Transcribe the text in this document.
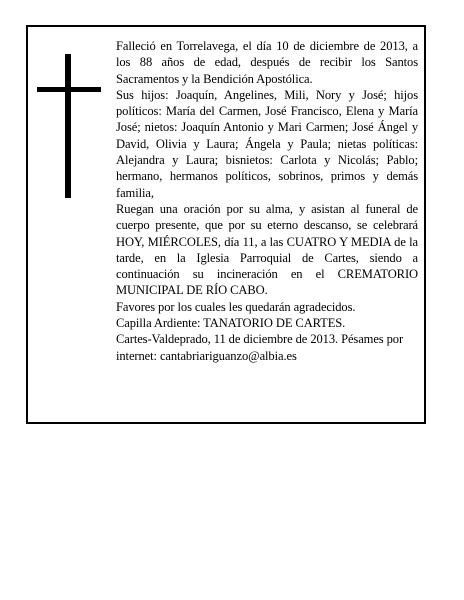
Falleció en Torrelavega, el día 10 de diciembre de 2013, a los 88 años de edad, después de recibir los Santos Sacramentos y la Bendición Apostólica.

Sus hijos: Joaquín, Angelines, Mili, Nory y José; hijos políticos: María del Carmen, José Francisco, Elena y María José; nietos: Joaquín Antonio y Mari Carmen; José Ángel y David, Olivia y Laura; Ángela y Paula; nietas políticas: Alejandra y Laura; bisnietos: Carlota y Nicolás; Pablo; hermano, hermanos políticos, sobrinos, primos y demás familia,

Ruegan una oración por su alma, y asistan al funeral de cuerpo presente, que por su eterno descanso, se celebrará HOY, MIÉRCOLES, día 11, a las CUATRO Y MEDIA de la tarde, en la Iglesia Parroquial de Cartes, siendo a continuación su incineración en el CREMATORIO MUNICIPAL DE RÍO CABO.

Favores por los cuales les quedarán agradecidos.

Capilla Ardiente: TANATORIO DE CARTES.

Cartes-Valdeprado, 11 de diciembre de 2013. Pésames por internet: cantabriariguanzo@albia.es
